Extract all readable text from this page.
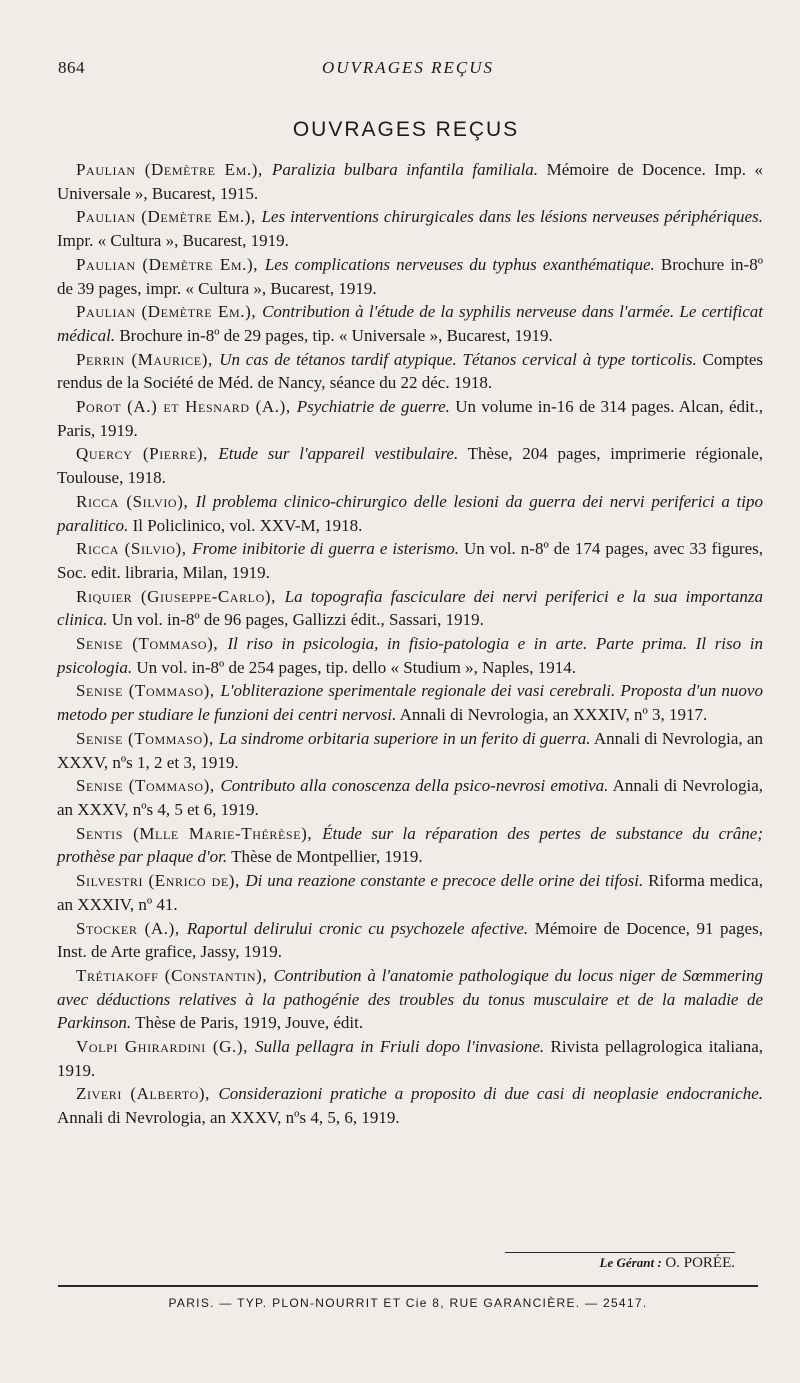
864	OUVRAGES REÇUS
OUVRAGES REÇUS

Paulian (Demètre Em.), Paralizia bulbara infantila familiala. Mémoire de Docence. Imp. « Universale », Bucarest, 1915.

Paulian (Demètre Em.), Les interventions chirurgicales dans les lésions nerveuses périphériques. Impr. « Cultura », Bucarest, 1919.

Paulian (Demètre Em.), Les complications nerveuses du typhus exanthématique. Brochure in-8º de 39 pages, impr. « Cultura », Bucarest, 1919.

Paulian (Demètre Em.), Contribution à l'étude de la syphilis nerveuse dans l'armée. Le certificat médical. Brochure in-8º de 29 pages, tip. « Universale », Bucarest, 1919.

Perrin (Maurice), Un cas de tétanos tardif atypique. Tétanos cervical à type torticolis. Comptes rendus de la Société de Méd. de Nancy, séance du 22 déc. 1918.

Porot (A.) et Hesnard (A.), Psychiatrie de guerre. Un volume in-16 de 314 pages. Alcan, édit., Paris, 1919.

Quercy (Pierre), Etude sur l'appareil vestibulaire. Thèse, 204 pages, imprimerie régionale, Toulouse, 1918.

Ricca (Silvio), Il problema clinico-chirurgico delle lesioni da guerra dei nervi periferici a tipo paralitico. Il Policlinico, vol. XXV-M, 1918.

Ricca (Silvio), Frome inibitorie di guerra e isterismo. Un vol. n-8º de 174 pages, avec 33 figures, Soc. edit. libraria, Milan, 1919.

Riquier (Giuseppe-Carlo), La topografia fasciculare dei nervi periferici e la sua importanza clinica. Un vol. in-8º de 96 pages, Gallizzi édit., Sassari, 1919.

Senise (Tommaso), Il riso in psicologia, in fisio-patologia e in arte. Parte prima. Il riso in psicologia. Un vol. in-8º de 254 pages, tip. dello « Studium », Naples, 1914.

Senise (Tommaso), L'obliterazione sperimentale regionale dei vasi cerebrali. Proposta d'un nuovo metodo per studiare le funzioni dei centri nervosi. Annali di Nevrologia, an XXXIV, nº 3, 1917.

Senise (Tommaso), La sindrome orbitaria superiore in un ferito di guerra. Annali di Nevrologia, an XXXV, nºs 1, 2 et 3, 1919.

Senise (Tommaso), Contributo alla conoscenza della psico-nevrosi emotiva. Annali di Nevrologia, an XXXV, nºs 4, 5 et 6, 1919.

Sentis (Mlle Marie-Thérèse), Étude sur la réparation des pertes de substance du crâne; prothèse par plaque d'or. Thèse de Montpellier, 1919.

Silvestri (Enrico de), Di una reazione constante e precoce delle orine dei tifosi. Riforma medica, an XXXIV, nº 41.

Stocker (A.), Raportul delirului cronic cu psychozele afective. Mémoire de Docence, 91 pages, Inst. de Arte grafice, Jassy, 1919.

Trétiakoff (Constantin), Contribution à l'anatomie pathologique du locus niger de Sœmmering avec déductions relatives à la pathogénie des troubles du tonus musculaire et de la maladie de Parkinson. Thèse de Paris, 1919, Jouve, édit.

Volpi Ghirardini (G.), Sulla pellagra in Friuli dopo l'invasione. Rivista pellagrologica italiana, 1919.

Ziveri (Alberto), Considerazioni pratiche a proposito di due casi di neoplasie endocraniche. Annali di Nevrologia, an XXXV, nºs 4, 5, 6, 1919.

Le Gérant : O. PORÉE.
PARIS. — TYP. PLON-NOURRIT ET Cie 8, RUE GARANCIÈRE. — 25417.
